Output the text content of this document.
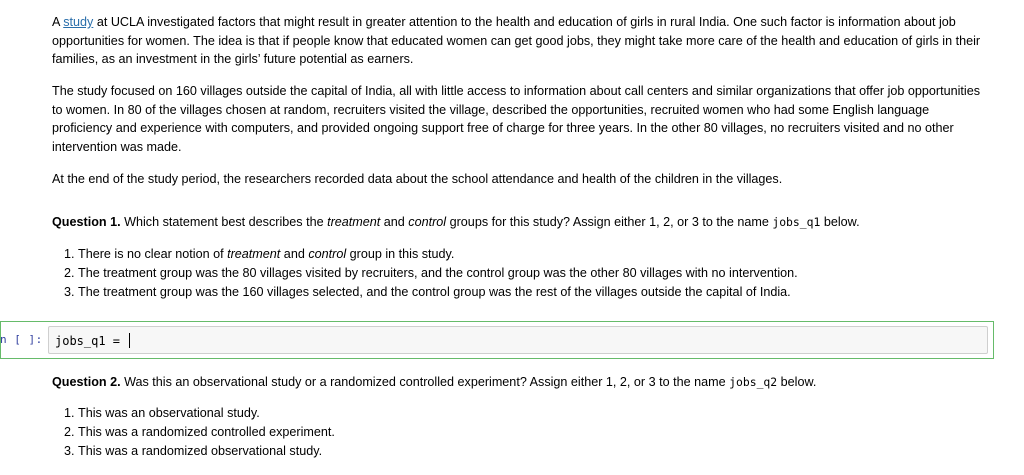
A study at UCLA investigated factors that might result in greater attention to the health and education of girls in rural India. One such factor is information about job opportunities for women. The idea is that if people know that educated women can get good jobs, they might take more care of the health and education of girls in their families, as an investment in the girls’ future potential as earners.

The study focused on 160 villages outside the capital of India, all with little access to information about call centers and similar organizations that offer job opportunities to women. In 80 of the villages chosen at random, recruiters visited the village, described the opportunities, recruited women who had some English language proficiency and experience with computers, and provided ongoing support free of charge for three years. In the other 80 villages, no recruiters visited and no other intervention was made.

At the end of the study period, the researchers recorded data about the school attendance and health of the children in the villages.

Question 1. Which statement best describes the treatment and control groups for this study? Assign either 1, 2, or 3 to the name jobs_q1 below.
1. There is no clear notion of treatment and control group in this study.
2. The treatment group was the 80 villages visited by recruiters, and the control group was the other 80 villages with no intervention.
3. The treatment group was the 160 villages selected, and the control group was the rest of the villages outside the capital of India.
n [ ]: jobs_q1 =
Question 2. Was this an observational study or a randomized controlled experiment? Assign either 1, 2, or 3 to the name jobs_q2 below.
1. This was an observational study.
2. This was a randomized controlled experiment.
3. This was a randomized observational study.
